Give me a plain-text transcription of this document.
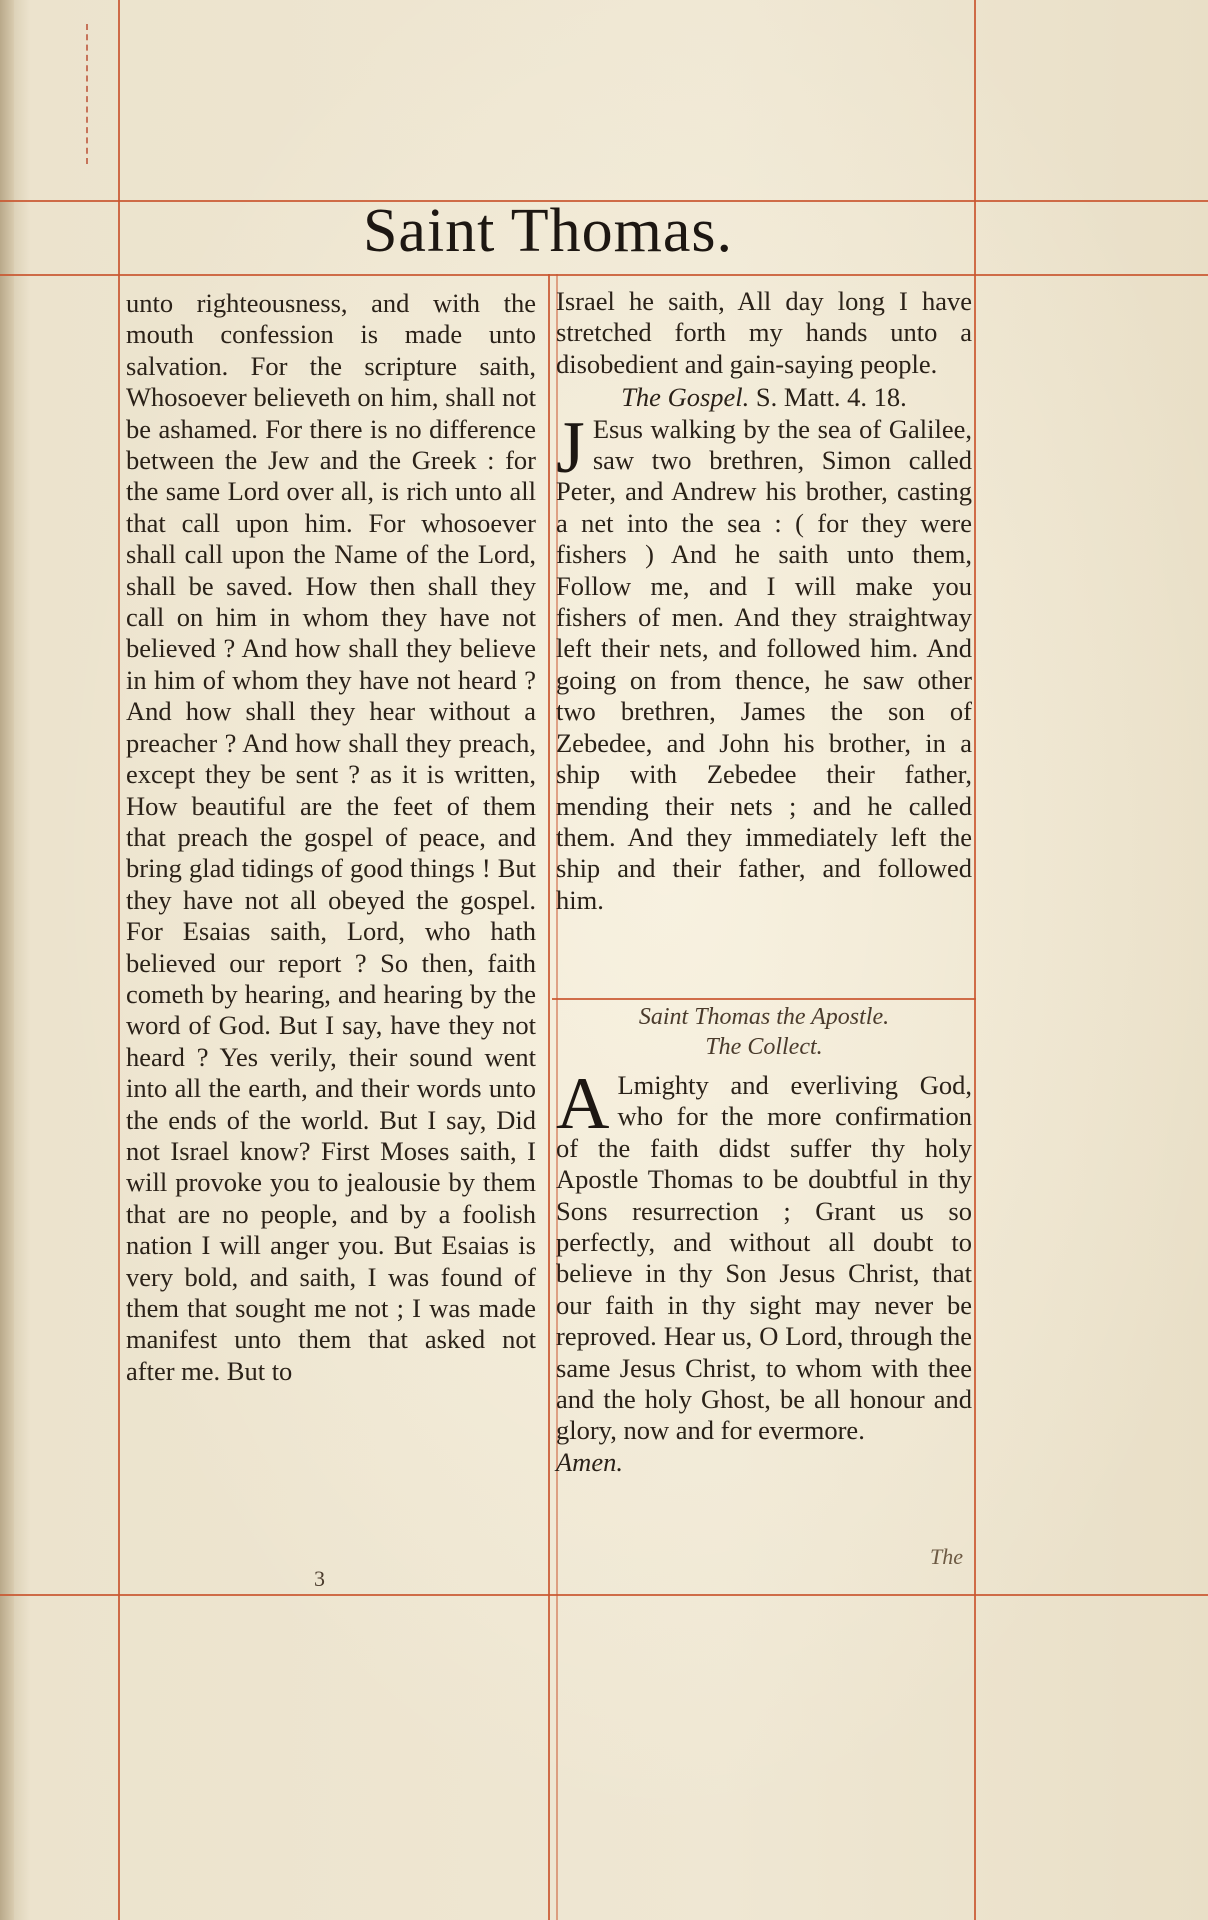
Saint Thomas.

unto righteousness, and with the mouth confession is made unto salvation. For the scripture saith, Whosoever believeth on him, shall not be ashamed. For there is no difference between the Jew and the Greek : for the same Lord over all, is rich unto all that call upon him. For whosoever shall call upon the Name of the Lord, shall be saved. How then shall they call on him in whom they have not believed ? And how shall they believe in him of whom they have not heard ? And how shall they hear without a preacher ? And how shall they preach, except they be sent ? as it is written, How beautiful are the feet of them that preach the gospel of peace, and bring glad tidings of good things ! But they have not all obeyed the gospel. For Esaias saith, Lord, who hath believed our report ? So then, faith cometh by hearing, and hearing by the word of God. But I say, have they not heard ? Yes verily, their sound went into all the earth, and their words unto the ends of the world. But I say, Did not Israel know? First Moses saith, I will provoke you to jealousie by them that are no people, and by a foolish nation I will anger you. But Esaias is very bold, and saith, I was found of them that sought me not ; I was made manifest unto them that asked not after me. But to

Israel he saith, All day long I have stretched forth my hands unto a disobedient and gain-saying people.

The Gospel. S. Matt. 4. 18.

J Esus walking by the sea of Galilee, saw two brethren, Simon called Peter, and Andrew his brother, casting a net into the sea : ( for they were fishers ) And he saith unto them, Follow me, and I will make you fishers of men. And they straightway left their nets, and followed him. And going on from thence, he saw other two brethren, James the son of Zebedee, and John his brother, in a ship with Zebedee their father, mending their nets ; and he called them. And they immediately left the ship and their father, and followed him.

Saint Thomas the Apostle.

The Collect.

A Lmighty and everliving God, who for the more confirmation of the faith didst suffer thy holy Apostle Thomas to be doubtful in thy Sons resurrection ; Grant us so perfectly, and without all doubt to believe in thy Son Jesus Christ, that our faith in thy sight may never be reproved. Hear us, O Lord, through the same Jesus Christ, to whom with thee and the holy Ghost, be all honour and glory, now and for evermore.

Amen.

3
The
